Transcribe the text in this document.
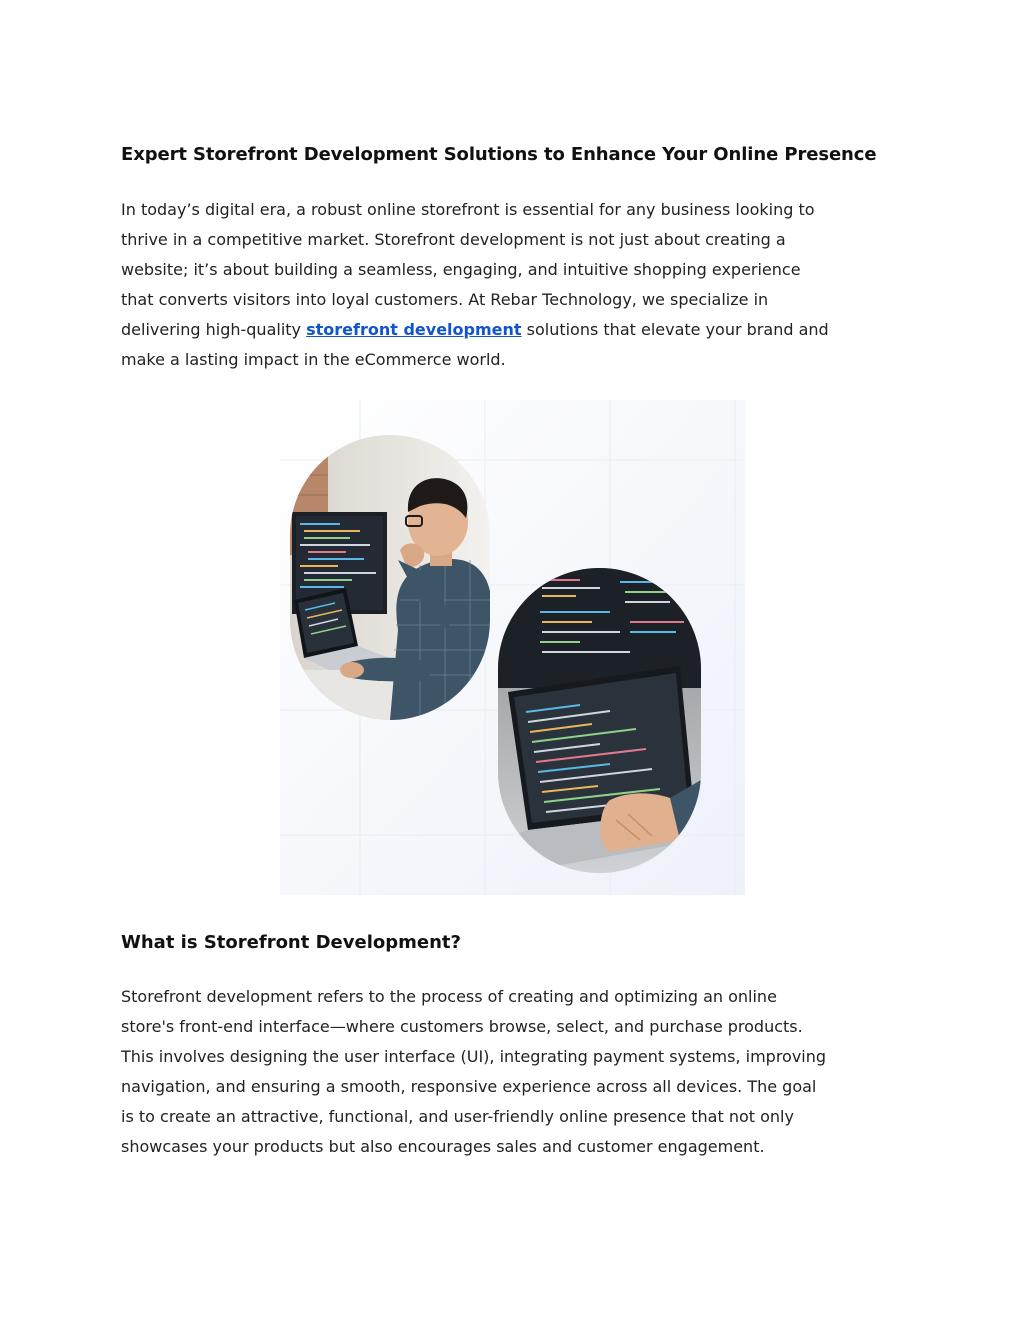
Expert Storefront Development Solutions to Enhance Your Online Presence

In today’s digital era, a robust online storefront is essential for any business looking to
thrive in a competitive market. Storefront development is not just about creating a
website; it’s about building a seamless, engaging, and intuitive shopping experience
that converts visitors into loyal customers. At Rebar Technology, we specialize in
delivering high-quality storefront development solutions that elevate your brand and
make a lasting impact in the eCommerce world.

What is Storefront Development?

Storefront development refers to the process of creating and optimizing an online
store's front-end interface—where customers browse, select, and purchase products.
This involves designing the user interface (UI), integrating payment systems, improving
navigation, and ensuring a smooth, responsive experience across all devices. The goal
is to create an attractive, functional, and user-friendly online presence that not only
showcases your products but also encourages sales and customer engagement.
